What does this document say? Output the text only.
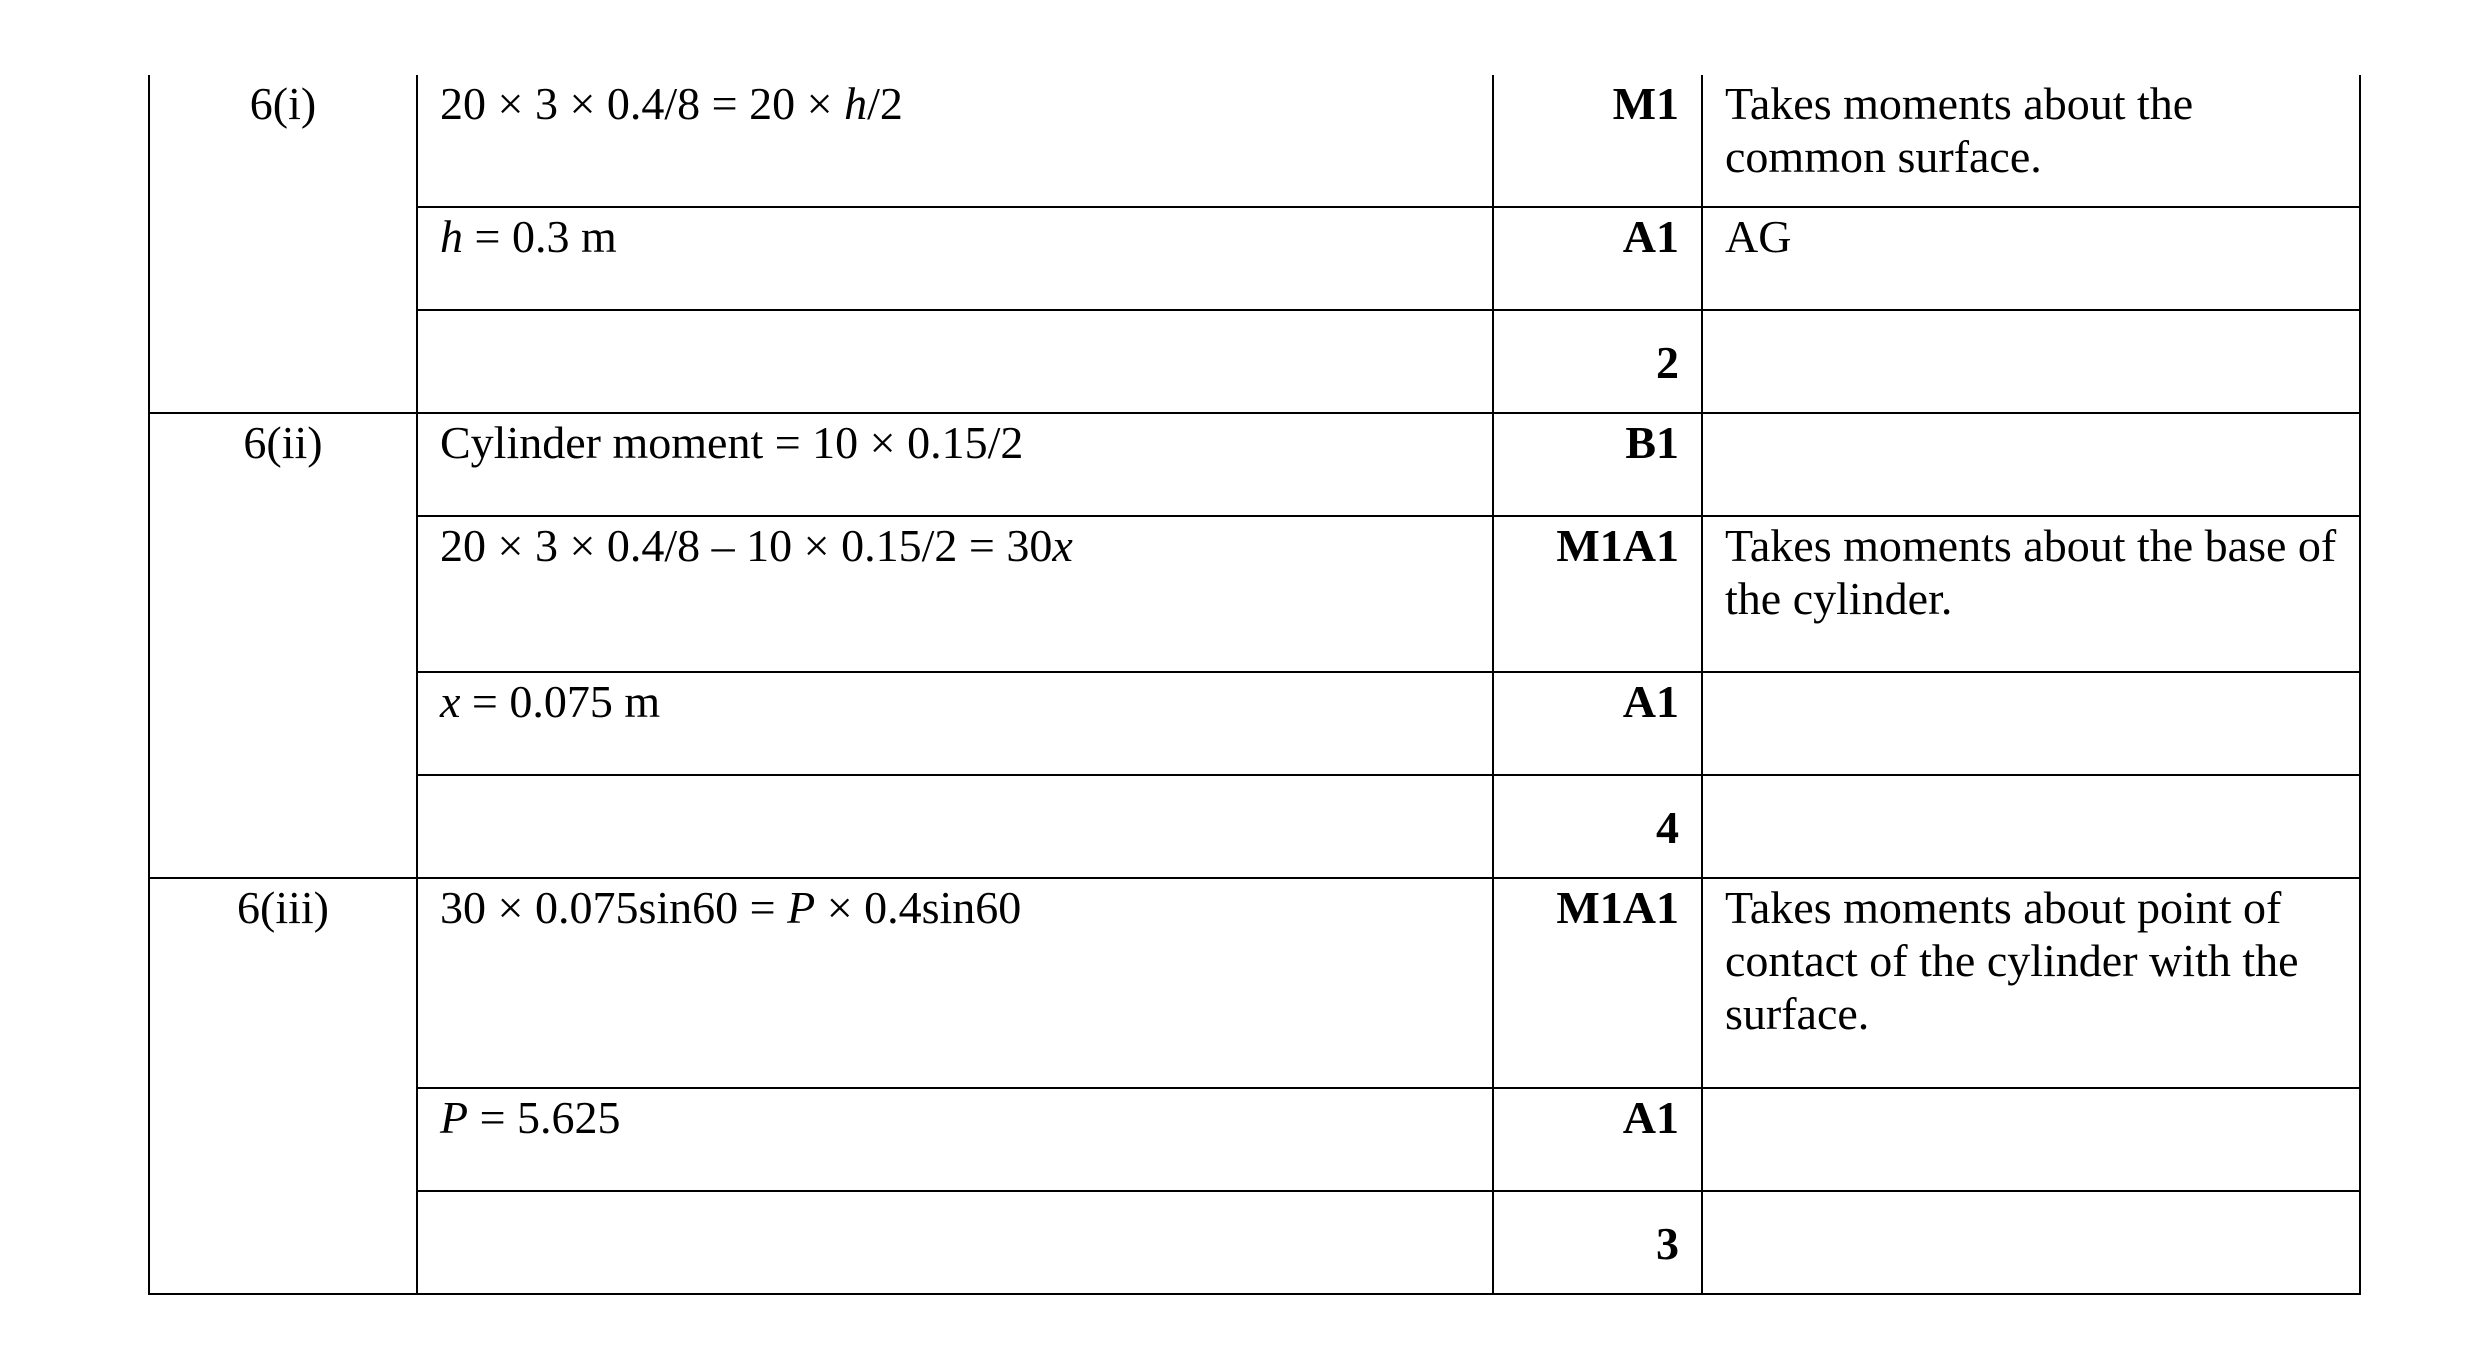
6(i)	20 × 3 × 0.4/8 = 20 × h/2	M1	Takes moments about the common surface.
	h = 0.3 m	A1	AG
		2	
6(ii)	Cylinder moment = 10 × 0.15/2	B1	
	20 × 3 × 0.4/8 – 10 × 0.15/2 = 30x	M1A1	Takes moments about the base of the cylinder.
	x = 0.075 m	A1	
		4	
6(iii)	30 × 0.075sin60 = P × 0.4sin60	M1A1	Takes moments about point of contact of the cylinder with the surface.
	P = 5.625	A1	
		3	
